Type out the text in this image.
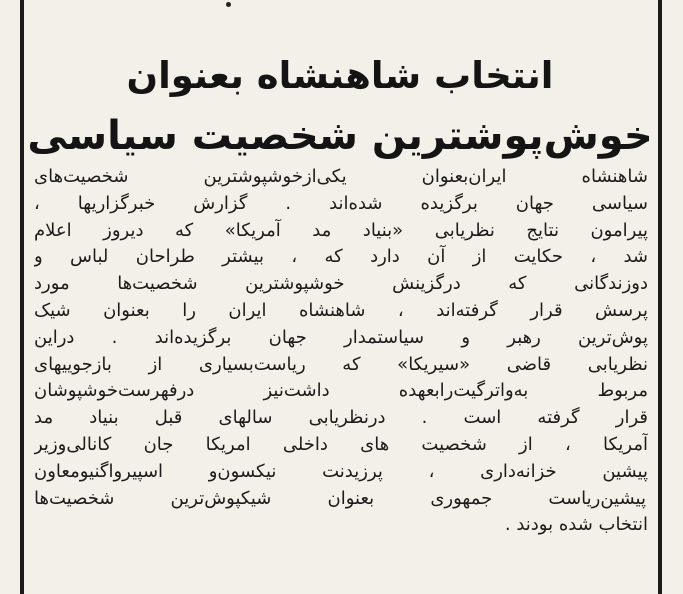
انتخاب شاهنشاه بعنوان
خوش‌پوشترین شخصیت سیاسی
شاهنشاه ایران‌بعنوان یکی‌ازخوشپوشترین شخصیت‌های
سیاسی جهان برگزیده شده‌اند . گزارش خبرگزاریها ،
پیرامون نتایج نظریابی «بنیاد مد آمریکا» که دیروز اعلام
شد ، حکایت از آن دارد که ، بیشتر طراحان لباس و
دوزندگانی که درگزینش خوشپوشترین شخصیت‌ها مورد
پرسش قرار گرفته‌اند ، شاهنشاه ایران را بعنوان شیک
پوش‌ترین رهبر و سیاستمدار جهان برگزیده‌اند . دراین
نظریابی قاضی «سیریکا» که ریاست‌بسیاری از بازجوییهای
مربوط به‌واترگیت‌رابعهده داشت‌نیز درفهرست‌خوشپوشان
قرار گرفته است . درنظریابی سالهای قبل بنیاد مد
آمریکا ، از شخصیت های داخلی امریکا جان کانالی‌وزیر
پیشین خزانه‌داری ، پرزیدنت نیکسون‌و اسپیرواگنیومعاون
پیشین‌ریاست جمهوری بعنوان شیکپوش‌ترین شخصیت‌ها
انتخاب شده بودند .
